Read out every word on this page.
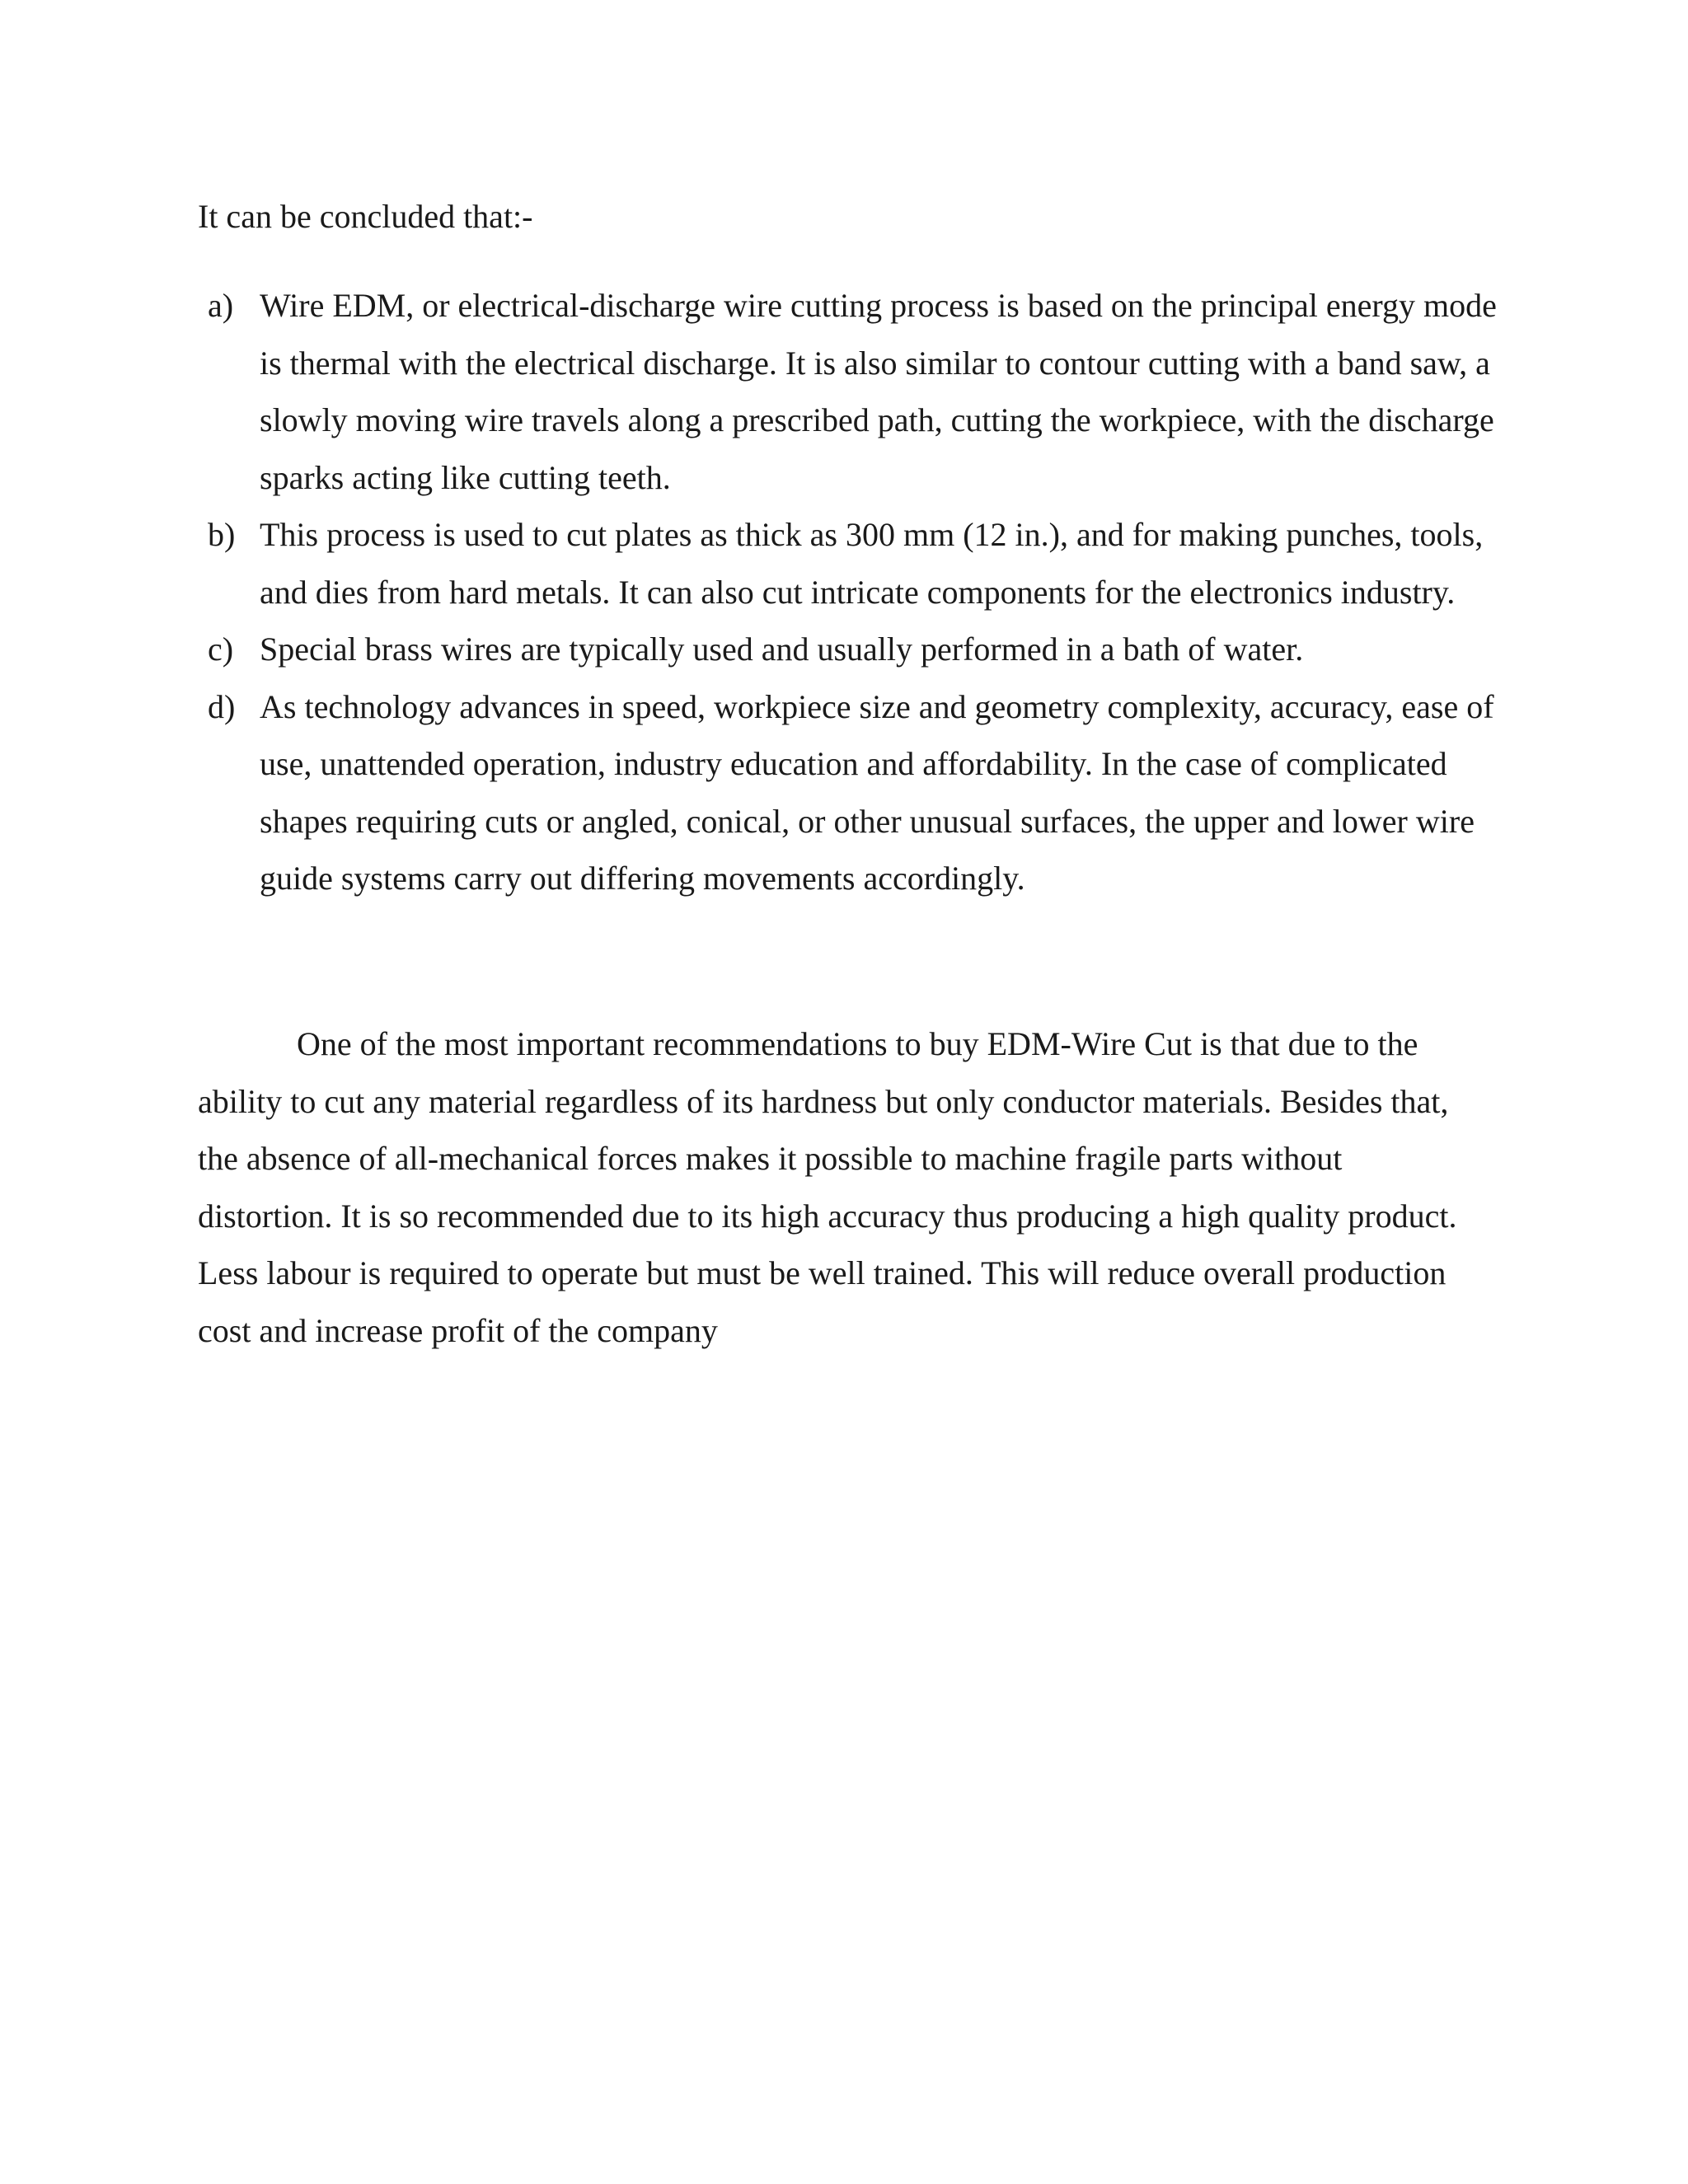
It can be concluded that:-

a) Wire EDM, or electrical-discharge wire cutting process is based on the principal energy mode is thermal with the electrical discharge. It is also similar to contour cutting with a band saw, a slowly moving wire travels along a prescribed path, cutting the workpiece, with the discharge sparks acting like cutting teeth.
b) This process is used to cut plates as thick as 300 mm (12 in.), and for making punches, tools, and dies from hard metals. It can also cut intricate components for the electronics industry.
c) Special brass wires are typically used and usually performed in a bath of water.
d) As technology advances in speed, workpiece size and geometry complexity, accuracy, ease of use, unattended operation, industry education and affordability. In the case of complicated shapes requiring cuts or angled, conical, or other unusual surfaces, the upper and lower wire guide systems carry out differing movements accordingly.

One of the most important recommendations to buy EDM-Wire Cut is that due to the ability to cut any material regardless of its hardness but only conductor materials. Besides that, the absence of all-mechanical forces makes it possible to machine fragile parts without distortion. It is so recommended due to its high accuracy thus producing a high quality product. Less labour is required to operate but must be well trained. This will reduce overall production cost and increase profit of the company
